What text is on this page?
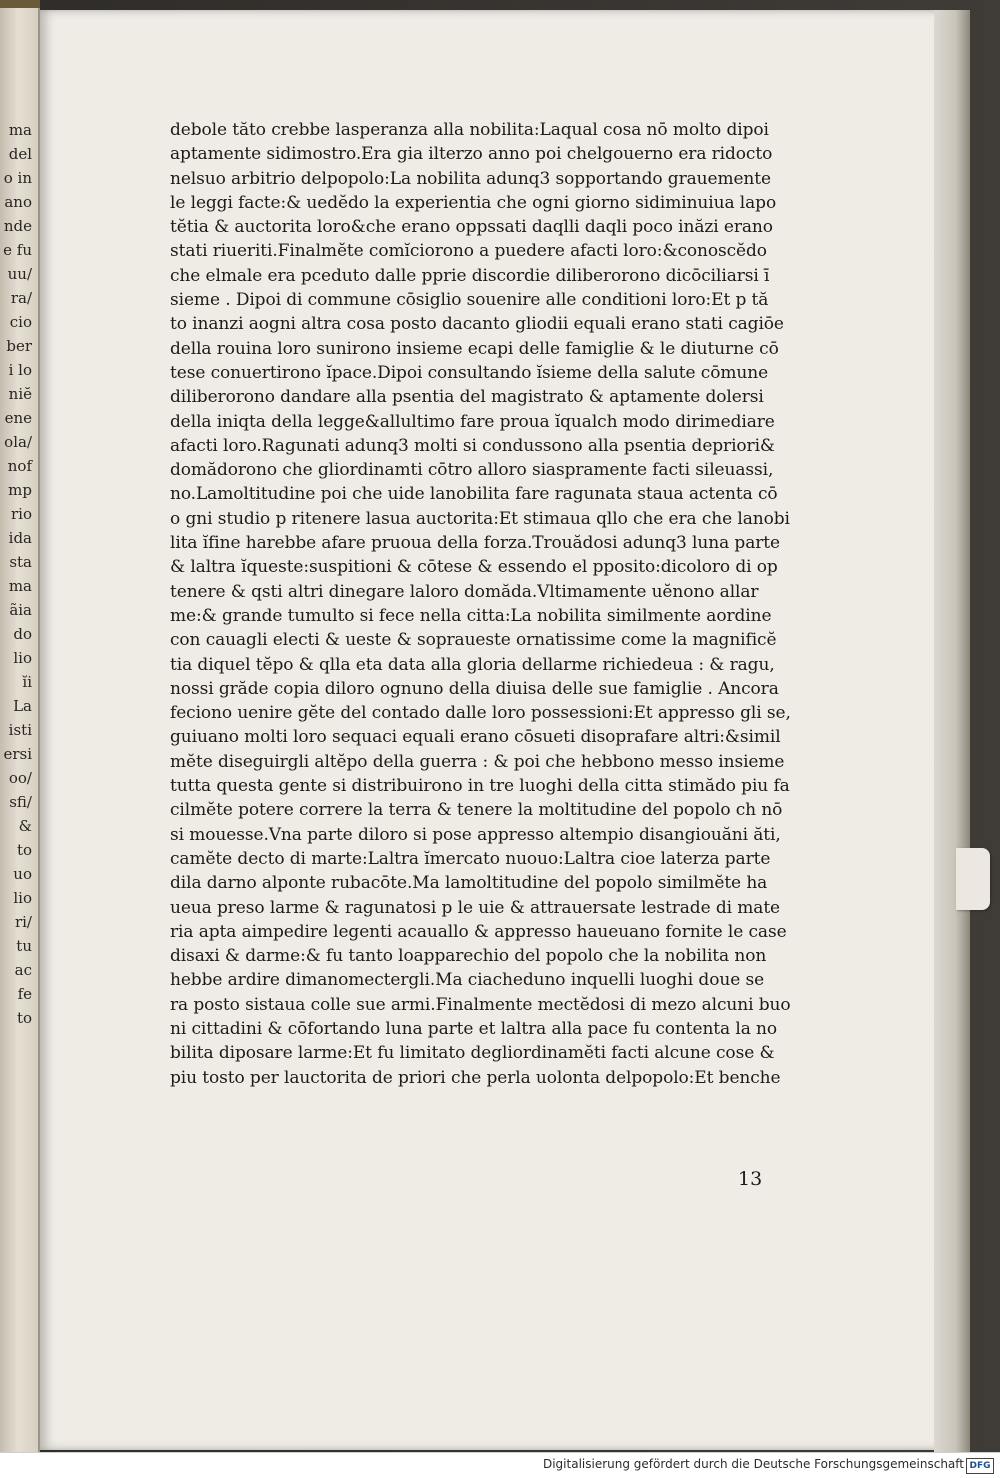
ma
del
o in
ano
nde
e fu
uu/
ra/
cio
ber
i lo
niĕ
ene
ola/
nof
mp
rio
ida
sta
ma
ãia
do
lio
ĭi
La
isti
ersi
oo/
sfi/
&
to
uo
lio
ri/
tu
ac
fe
to
debole tăto crebbe lasperanza alla nobilita:Laqual cosa nō molto dipoi
aptamente sidimostro.Era gia ilterzo anno poi chelgouerno era ridocto
nelsuo arbitrio delpopolo:La nobilita adunq3 sopportando grauemente
le leggi facte:& uedĕdo la experientia che ogni giorno sidiminuiua lapo
tĕtia & auctorita loro&che erano oppssati daqlli daqli poco inăzi erano
stati riueriti.Finalmĕte comĭciorono a puedere afacti loro:&conoscĕdo
che elmale era pceduto dalle pprie discordie diliberorono dicōciliarsi ī
sieme . Dipoi di commune cōsiglio souenire alle conditioni loro:Et p tă
to inanzi aogni altra cosa posto dacanto gliodii equali erano stati cagiōe
della rouina loro sunirono insieme ecapi delle famiglie & le diuturne cō
tese conuertirono ĭpace.Dipoi consultando ĭsieme della salute cōmune
diliberorono dandare alla psentia del magistrato & aptamente dolersi
della iniqta della legge&allultimo fare proua ĭqualch modo dirimediare
afacti loro.Ragunati adunq3 molti si condussono alla psentia depriori&
domădorono che gliordinamti cōtro alloro siaspramente facti sileuassi,
no.Lamoltitudine poi che uide lanobilita fare ragunata staua actenta cō
o gni studio p ritenere lasua auctorita:Et stimaua qllo che era che lanobi
lita ĭfine harebbe afare pruoua della forza.Trouădosi adunq3 luna parte
& laltra ĭqueste:suspitioni & cōtese & essendo el pposito:dicoloro di op
tenere & qsti altri dinegare laloro domăda.Vltimamente uĕnono allar
me:& grande tumulto si fece nella citta:La nobilita similmente aordine
con cauagli electi & ueste & soprauestе ornatissime come la magnificĕ
tia diquel tĕpo & qlla eta data alla gloria dellarme richiedeua : & ragu,
nossi grăde copia diloro ognuno della diuisa delle sue famiglie . Ancora
feciono uenire gĕte del contado dalle loro possessioni:Et appresso gli se,
guiuano molti loro sequaci equali erano cōsueti disoprafare altri:&simil
mĕte diseguirgli altĕpo della guerra : & poi che hebbono messo insieme
tutta questa gente si distribuirono in tre luoghi della citta stimădo piu fa
cilmĕte potere correre la terra & tenere la moltitudine del popolo ch nō
si mouesse.Vna parte diloro si pose appresso altempio disangiouăni ăti,
camĕte decto di marte:Laltra ĭmercato nuouo:Laltra cioe laterza parte
dila darno alponte rubacōte.Ma lamoltitudine del popolo similmĕte ha
ueua preso larme & ragunatosi p le uie & attrauersate lestrade di mate
ria apta aimpedire legenti acauallo & appresso haueuano fornite le case
disaxi & darme:& fu tanto loapparechio del popolo che la nobilita non
hebbe ardire dimanomectergli.Ma ciachеduno inquelli luoghi doue se
ra posto sistaua colle sue armi.Finalmente mectĕdosi di mezo alcuni buo
ni cittadini & cōfortando luna parte et laltra alla pace fu contenta la no
bilita diposare larme:Et fu limitato degliordinamĕti facti alcune cose &
piu tosto per lauctorita de priori che perla uolonta delpopolo:Et benche
13
Digitalisierung gefördert durch die Deutsche Forschungsgemeinschaft DFG
